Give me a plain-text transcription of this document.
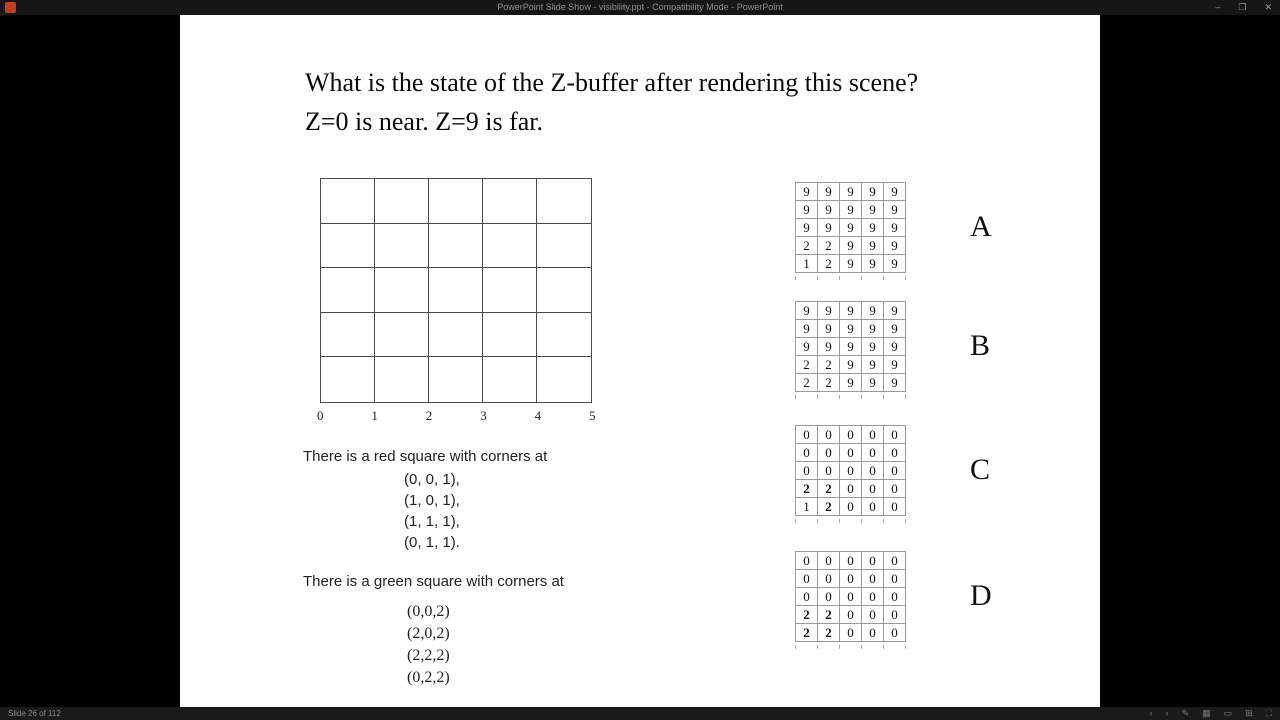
PowerPoint Slide Show - visibility.ppt - Compatibility Mode - PowerPoint	– ❐ ✕
What is the state of the Z-buffer after rendering this scene?
Z=0 is near. Z=9 is far.
0	1	2	3	4	5
There is a red square with corners at
(0, 0, 1),
(1, 0, 1),
(1, 1, 1),
(0, 1, 1).
There is a green square with corners at
(0,0,2)
(2,0,2)
(2,2,2)
(0,2,2)
9	9	9	9	9
9	9	9	9	9
9	9	9	9	9
2	2	9	9	9
1	2	9	9	9
A
9	9	9	9	9
9	9	9	9	9
9	9	9	9	9
2	2	9	9	9
2	2	9	9	9
B
0	0	0	0	0
0	0	0	0	0
0	0	0	0	0
2	2	0	0	0
1	2	0	0	0
C
0	0	0	0	0
0	0	0	0	0
0	0	0	0	0
2	2	0	0	0
2	2	0	0	0
D
Slide 26 of 112	‹ › ✎ ▦ ▭ ⊞ ⛶
